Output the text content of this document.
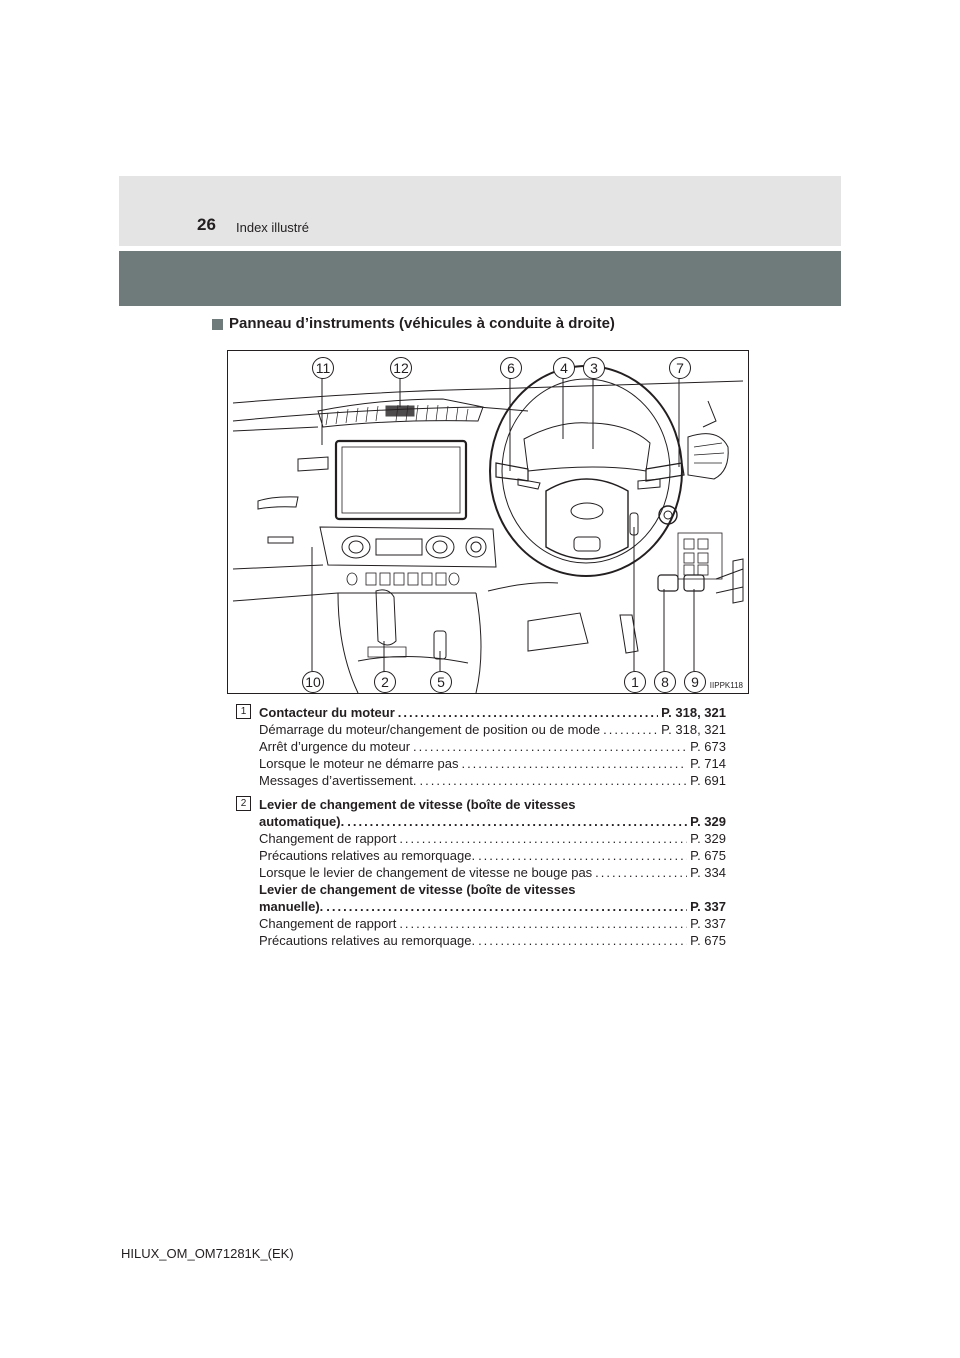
26 Index illustré
Panneau d’instruments (véhicules à conduite à droite)
11	12	6	4	3	7
10	2	5	1	8	9	IIPPK118
1 Contacteur du moteur .....	P. 318, 321
Démarrage du moteur/changement de position ou de mode .....	P. 318, 321
Arrêt d’urgence du moteur .....	P. 673
Lorsque le moteur ne démarre pas .....	P. 714
Messages d’avertissement. .....	P. 691
2 Levier de changement de vitesse (boîte de vitesses
automatique). .....	P. 329
Changement de rapport .....	P. 329
Précautions relatives au remorquage. .....	P. 675
Lorsque le levier de changement de vitesse ne bouge pas .....	P. 334
Levier de changement de vitesse (boîte de vitesses
manuelle). .....	P. 337
Changement de rapport .....	P. 337
Précautions relatives au remorquage. .....	P. 675
HILUX_OM_OM71281K_(EK)
